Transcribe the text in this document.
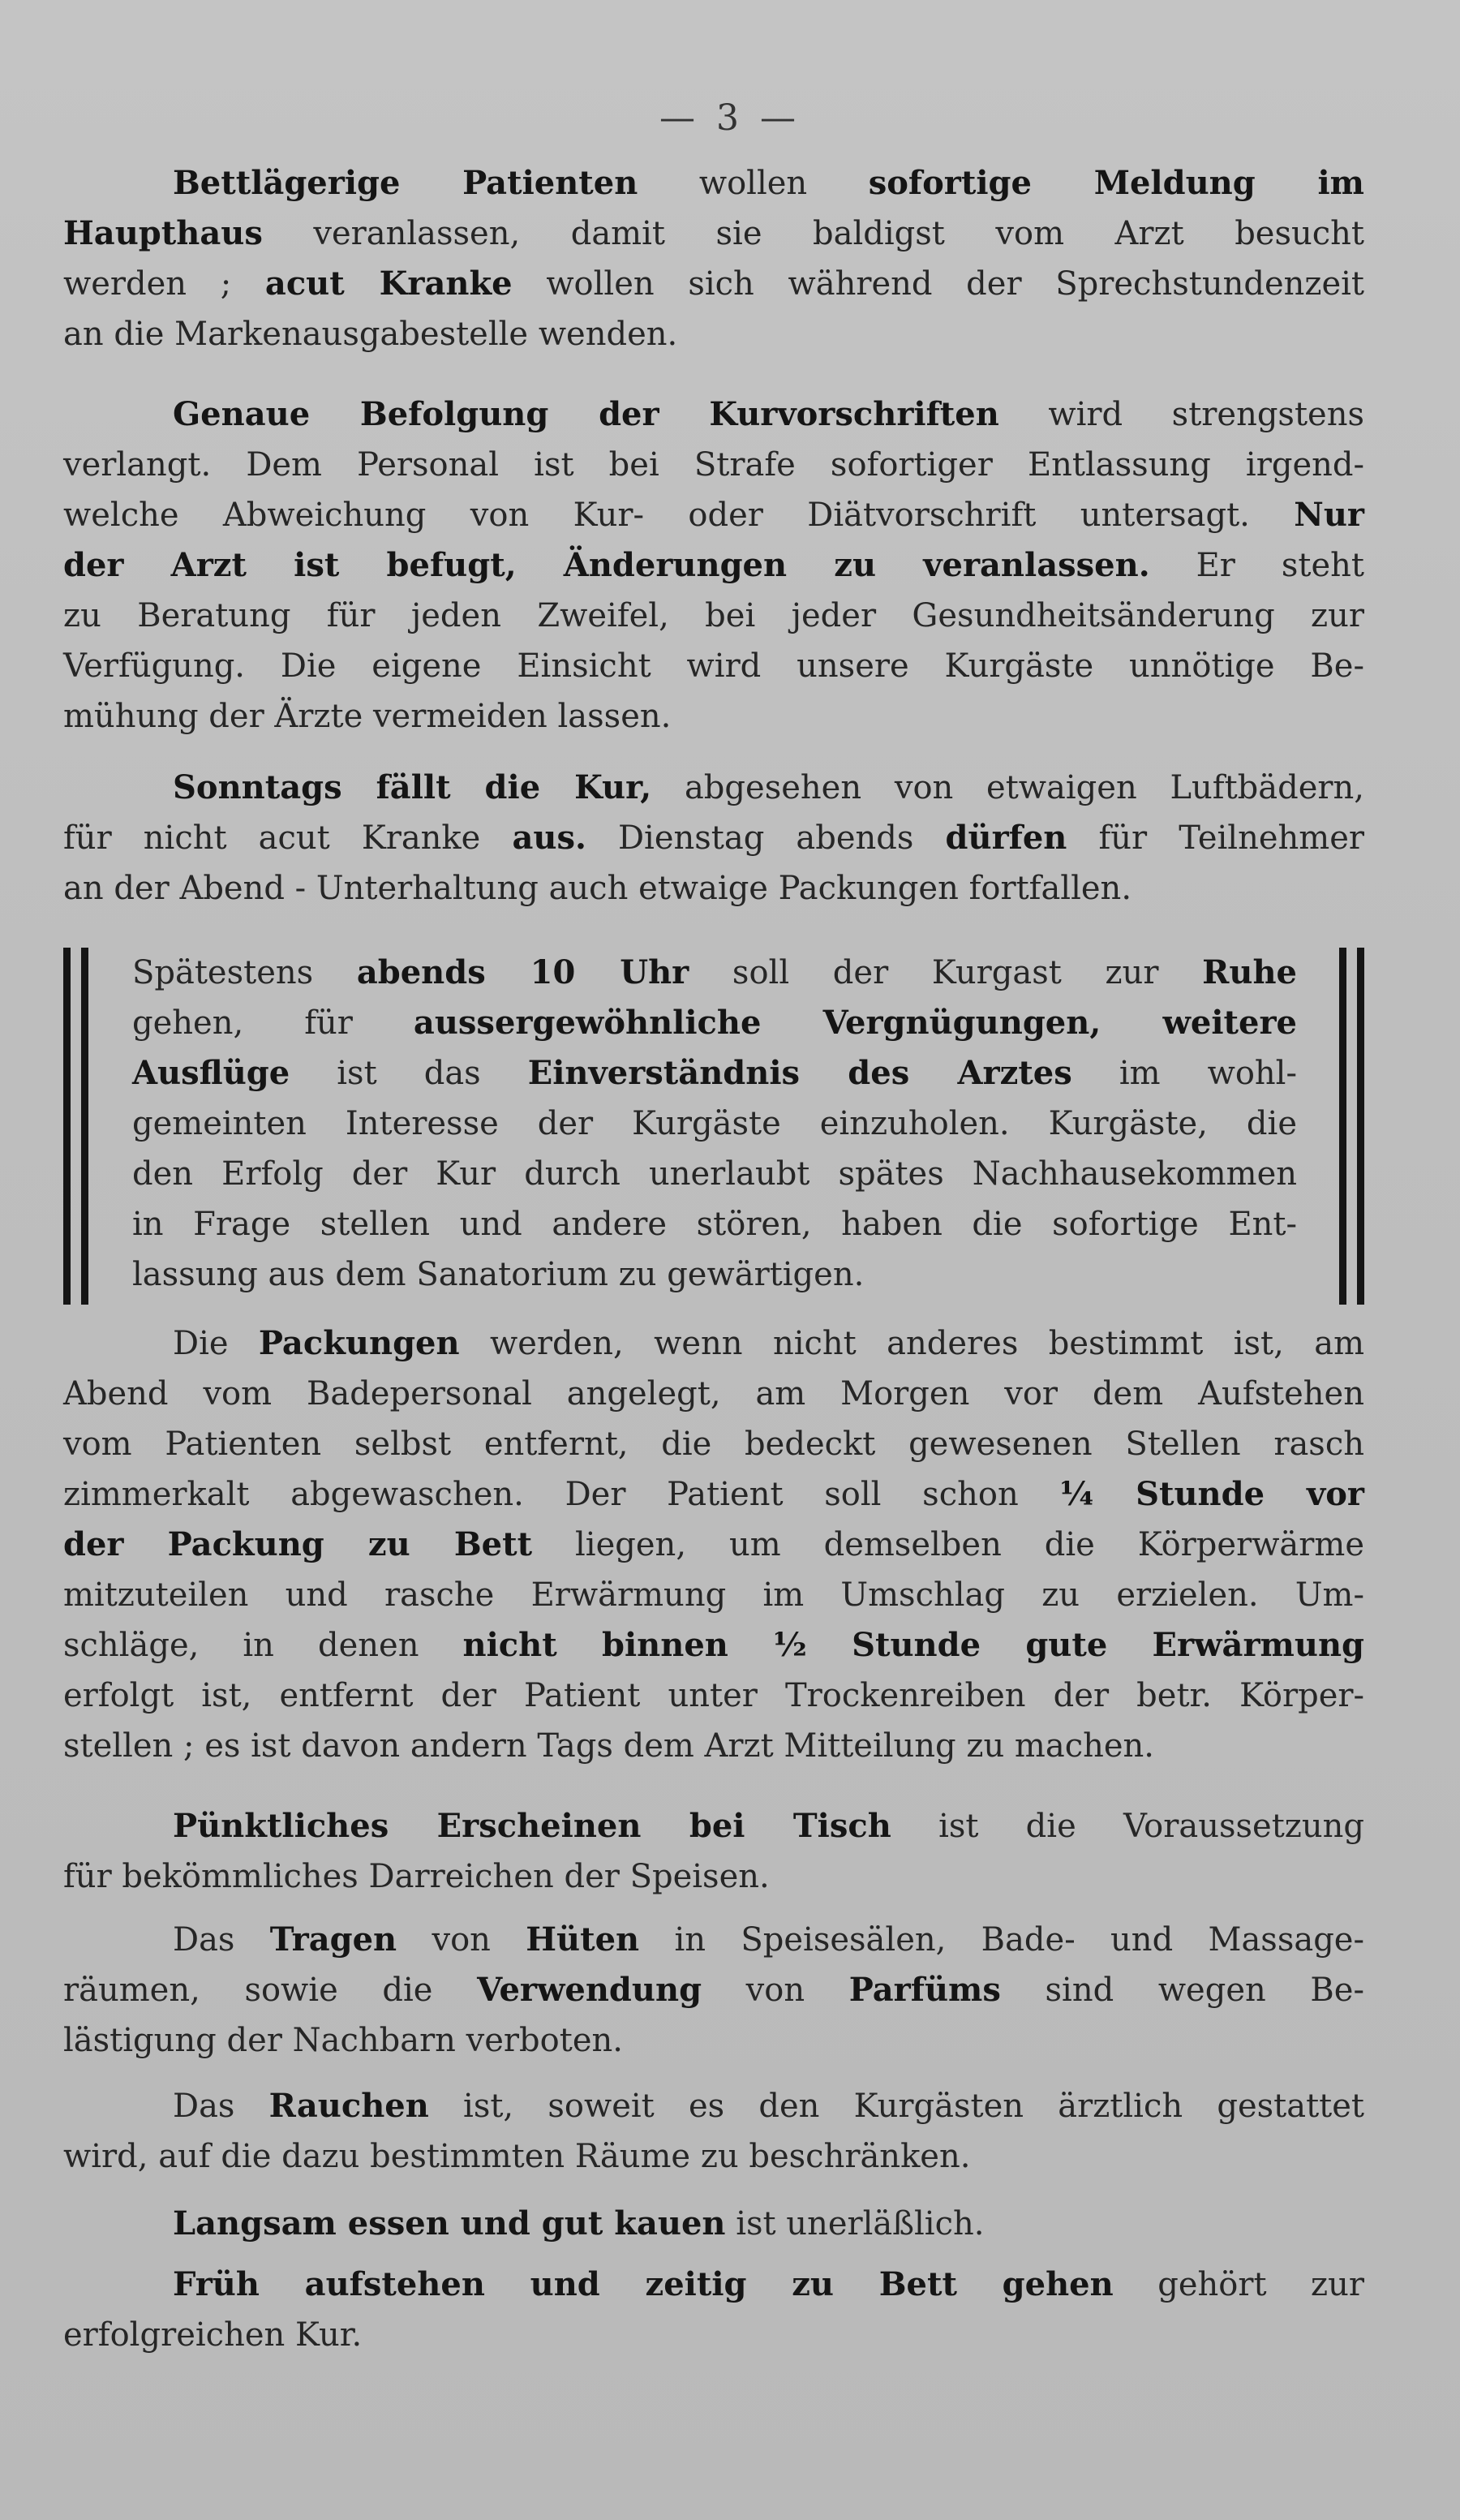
— 3 —
Bettlägerige Patienten wollen sofortige Meldung im
Haupthaus veranlassen, damit sie baldigst vom Arzt besucht
werden ; acut Kranke wollen sich während der Sprechstundenzeit
an die Markenausgabestelle wenden.
Genaue Befolgung der Kurvorschriften wird strengstens
verlangt. Dem Personal ist bei Strafe sofortiger Entlassung irgend-
welche Abweichung von Kur- oder Diätvorschrift untersagt. Nur
der Arzt ist befugt, Änderungen zu veranlassen. Er steht
zu Beratung für jeden Zweifel, bei jeder Gesundheitsänderung zur
Verfügung. Die eigene Einsicht wird unsere Kurgäste unnötige Be-
mühung der Ärzte vermeiden lassen.
Sonntags fällt die Kur, abgesehen von etwaigen Luftbädern,
für nicht acut Kranke aus. Dienstag abends dürfen für Teilnehmer
an der Abend - Unterhaltung auch etwaige Packungen fortfallen.
Spätestens abends 10 Uhr soll der Kurgast zur Ruhe
gehen, für aussergewöhnliche Vergnügungen, weitere
Ausflüge ist das Einverständnis des Arztes im wohl-
gemeinten Interesse der Kurgäste einzuholen. Kurgäste, die
den Erfolg der Kur durch unerlaubt spätes Nachhausekommen
in Frage stellen und andere stören, haben die sofortige Ent-
lassung aus dem Sanatorium zu gewärtigen.
Die Packungen werden, wenn nicht anderes bestimmt ist, am
Abend vom Badepersonal angelegt, am Morgen vor dem Aufstehen
vom Patienten selbst entfernt, die bedeckt gewesenen Stellen rasch
zimmerkalt abgewaschen. Der Patient soll schon ¼ Stunde vor
der Packung zu Bett liegen, um demselben die Körperwärme
mitzuteilen und rasche Erwärmung im Umschlag zu erzielen. Um-
schläge, in denen nicht binnen ½ Stunde gute Erwärmung
erfolgt ist, entfernt der Patient unter Trockenreiben der betr. Körper-
stellen ; es ist davon andern Tags dem Arzt Mitteilung zu machen.
Pünktliches Erscheinen bei Tisch ist die Voraussetzung
für bekömmliches Darreichen der Speisen.
Das Tragen von Hüten in Speisesälen, Bade- und Massage-
räumen, sowie die Verwendung von Parfüms sind wegen Be-
lästigung der Nachbarn verboten.
Das Rauchen ist, soweit es den Kurgästen ärztlich gestattet
wird, auf die dazu bestimmten Räume zu beschränken.
Langsam essen und gut kauen ist unerläßlich.
Früh aufstehen und zeitig zu Bett gehen gehört zur
erfolgreichen Kur.
